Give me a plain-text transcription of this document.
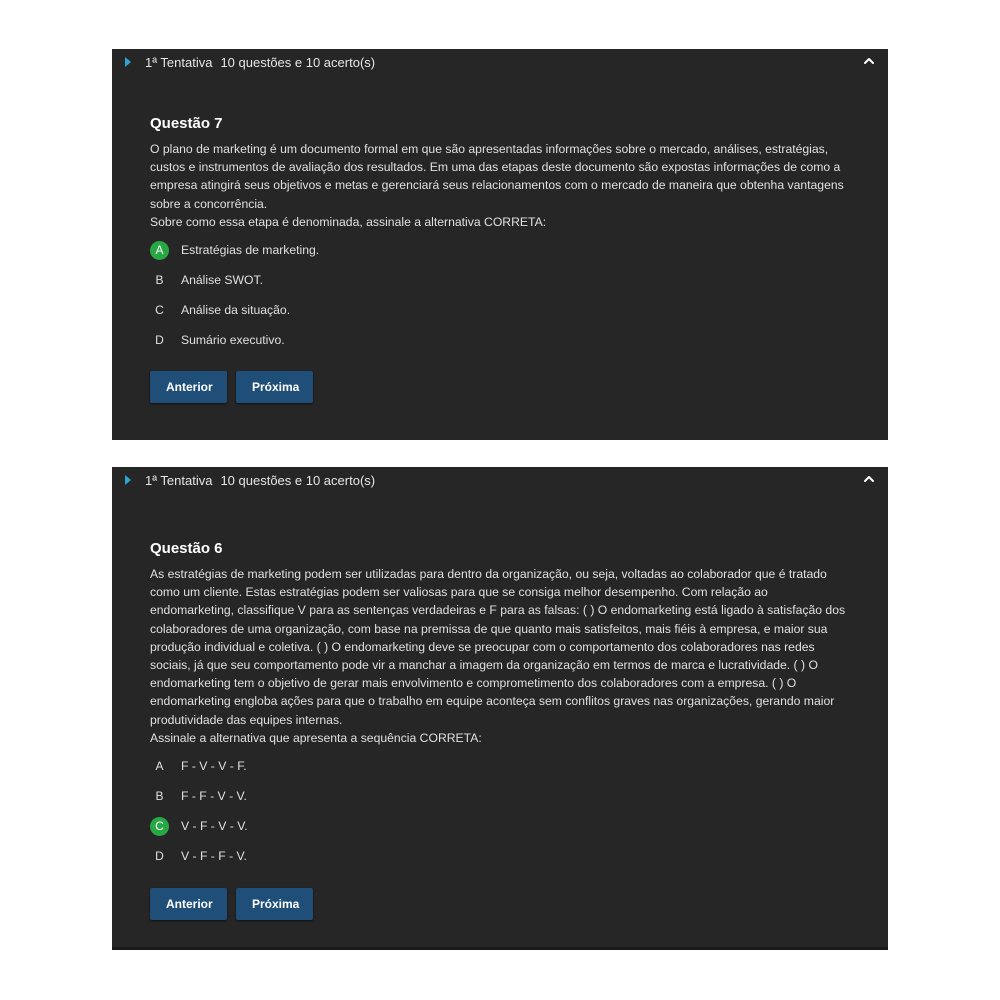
1ª Tentativa 10 questões e 10 acerto(s)
Questão 7

O plano de marketing é um documento formal em que são apresentadas informações sobre o mercado, análises, estratégias, custos e instrumentos de avaliação dos resultados. Em uma das etapas deste documento são expostas informações de como a empresa atingirá seus objetivos e metas e gerenciará seus relacionamentos com o mercado de maneira que obtenha vantagens sobre a concorrência.

Sobre como essa etapa é denominada, assinale a alternativa CORRETA:

A	Estratégias de marketing.
B	Análise SWOT.
C	Análise da situação.
D	Sumário executivo.
Anterior	Próxima
1ª Tentativa 10 questões e 10 acerto(s)
Questão 6

As estratégias de marketing podem ser utilizadas para dentro da organização, ou seja, voltadas ao colaborador que é tratado como um cliente. Estas estratégias podem ser valiosas para que se consiga melhor desempenho. Com relação ao endomarketing, classifique V para as sentenças verdadeiras e F para as falsas: ( ) O endomarketing está ligado à satisfação dos colaboradores de uma organização, com base na premissa de que quanto mais satisfeitos, mais fiéis à empresa, e maior sua produção individual e coletiva. ( ) O endomarketing deve se preocupar com o comportamento dos colaboradores nas redes sociais, já que seu comportamento pode vir a manchar a imagem da organização em termos de marca e lucratividade. ( ) O endomarketing tem o objetivo de gerar mais envolvimento e comprometimento dos colaboradores com a empresa. ( ) O endomarketing engloba ações para que o trabalho em equipe aconteça sem conflitos graves nas organizações, gerando maior produtividade das equipes internas.

Assinale a alternativa que apresenta a sequência CORRETA:

A	F - V - V - F.
B	F - F - V - V.
C	V - F - V - V.
D	V - F - F - V.
Anterior	Próxima
